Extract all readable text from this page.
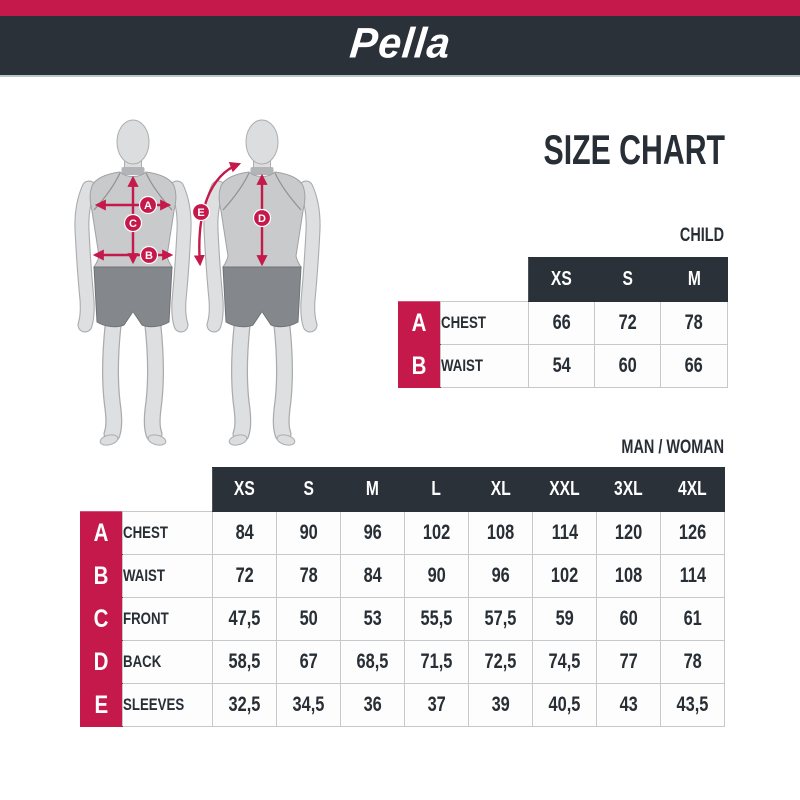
Pella
SIZE CHART
CHILD
MAN / WOMAN
A
C
B
D
E
		XS	S	M
A	CHEST	66	72	78
B	WAIST	54	60	66
		XS	S	M	L	XL	XXL	3XL	4XL
A	CHEST	84	90	96	102	108	114	120	126
B	WAIST	72	78	84	90	96	102	108	114
C	FRONT	47,5	50	53	55,5	57,5	59	60	61
D	BACK	58,5	67	68,5	71,5	72,5	74,5	77	78
E	SLEEVES	32,5	34,5	36	37	39	40,5	43	43,5
